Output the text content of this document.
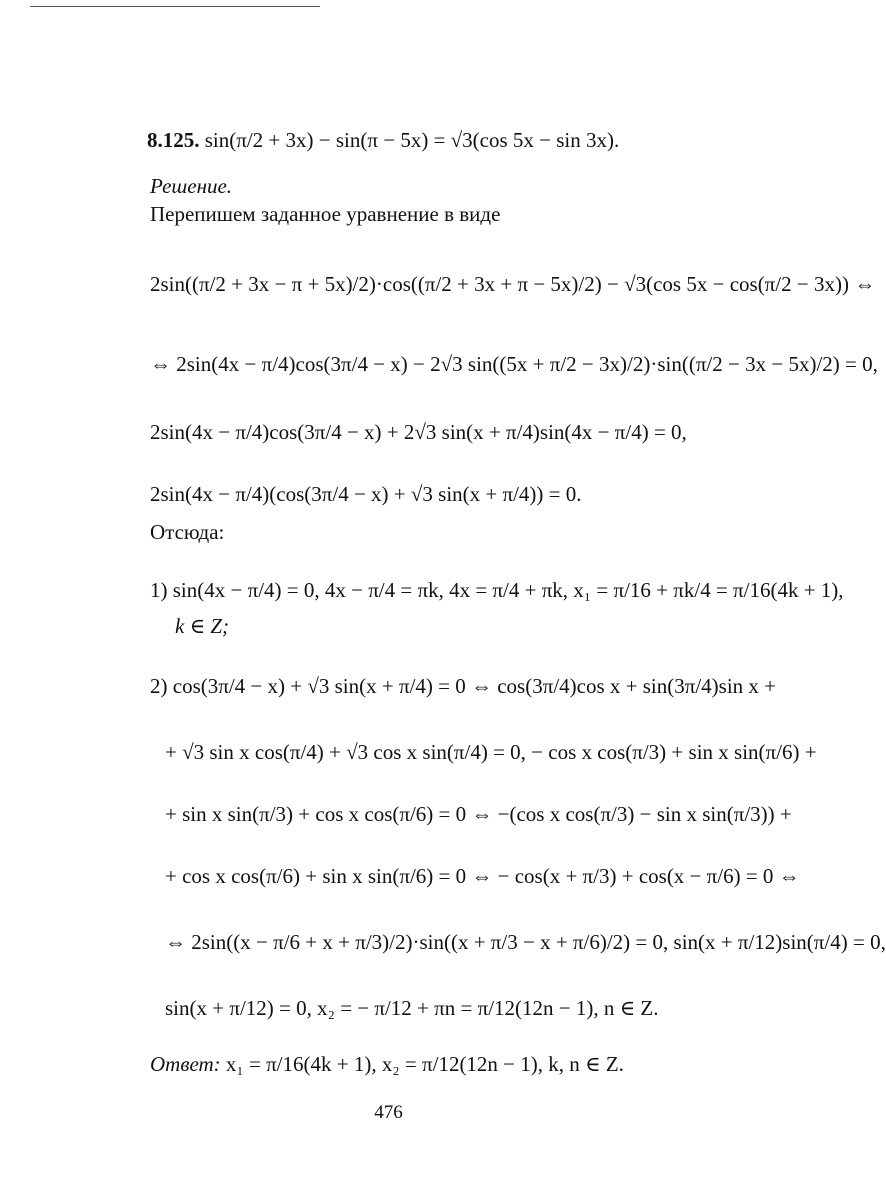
8.125. sin(π/2 + 3x) − sin(π − 5x) = √3(cos 5x − sin 3x).
Решение.
Перепишем заданное уравнение в виде
2sin((π/2 + 3x − π + 5x)/2)·cos((π/2 + 3x + π − 5x)/2) − √3(cos 5x − cos(π/2 − 3x)) ⇔
⇔ 2sin(4x − π/4)cos(3π/4 − x) − 2√3 sin((5x + π/2 − 3x)/2)·sin((π/2 − 3x − 5x)/2) = 0,
2sin(4x − π/4)cos(3π/4 − x) + 2√3 sin(x + π/4)sin(4x − π/4) = 0,
2sin(4x − π/4)(cos(3π/4 − x) + √3 sin(x + π/4)) = 0.
Отсюда:
1) sin(4x − π/4) = 0, 4x − π/4 = πk, 4x = π/4 + πk, x₁ = π/16 + πk/4 = π/16(4k + 1),
k ∈ Z;
2) cos(3π/4 − x) + √3 sin(x + π/4) = 0 ⇔ cos(3π/4)cos x + sin(3π/4)sin x +
+ √3 sin x cos(π/4) + √3 cos x sin(π/4) = 0, − cos x cos(π/3) + sin x sin(π/6) +
+ sin x sin(π/3) + cos x cos(π/6) = 0 ⇔ −(cos x cos(π/3) − sin x sin(π/3)) +
+ cos x cos(π/6) + sin x sin(π/6) = 0 ⇔ − cos(x + π/3) + cos(x − π/6) = 0 ⇔
⇔ 2sin((x − π/6 + x + π/3)/2)·sin((x + π/3 − x + π/6)/2) = 0, sin(x + π/12)sin(π/4) = 0,
sin(x + π/12) = 0, x₂ = − π/12 + πn = π/12(12n − 1), n ∈ Z.
Ответ: x₁ = π/16(4k + 1), x₂ = π/12(12n − 1), k, n ∈ Z.
476
